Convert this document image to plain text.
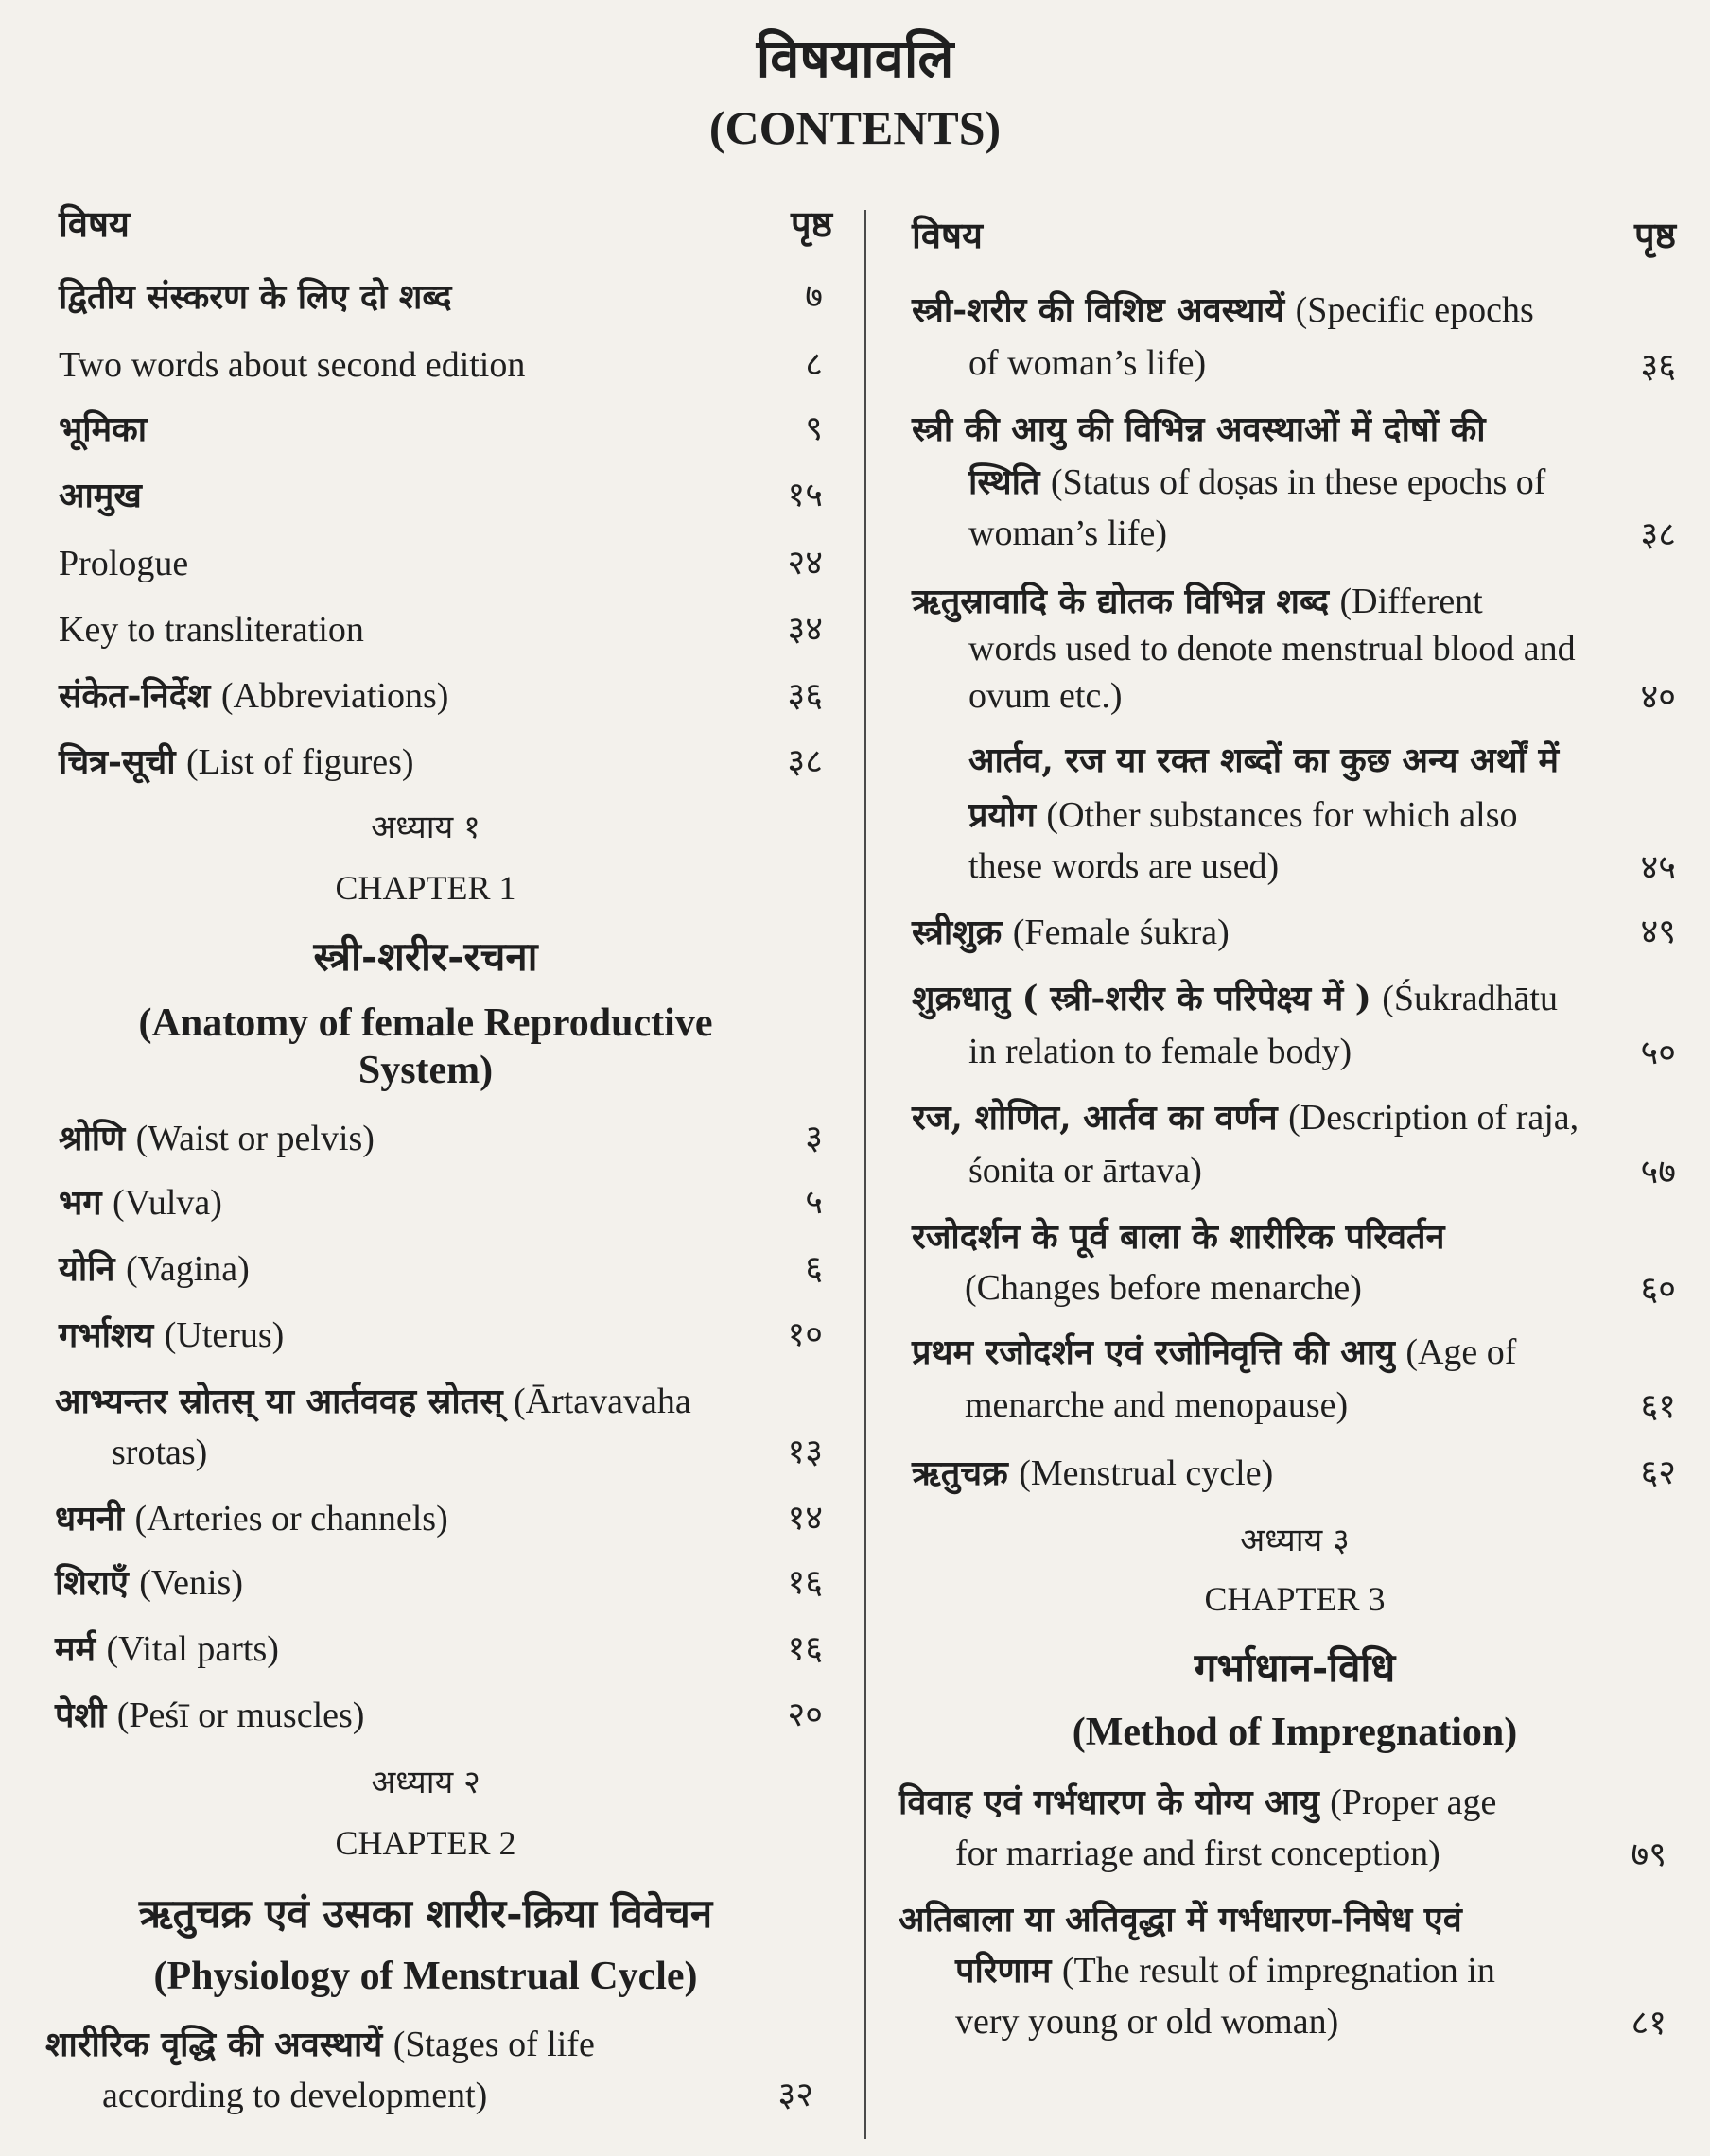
विषयावलि
(CONTENTS)
विषय	पृष्ठ
द्वितीय संस्करण के लिए दो शब्द	७
Two words about second edition	८
भूमिका	९
आमुख	१५
Prologue	२४
Key to transliteration	३४
संकेत-निर्देश (Abbreviations)	३६
चित्र-सूची (List of figures)	३८
अध्याय १
CHAPTER 1
स्त्री-शरीर-रचना
(Anatomy of female Reproductive
System)
श्रोणि (Waist or pelvis)	३
भग (Vulva)	५
योनि (Vagina)	६
गर्भाशय (Uterus)	१०
आभ्यन्तर स्रोतस् या आर्तववह स्रोतस् (Ārtavavaha
srotas)	१३
धमनी (Arteries or channels)	१४
शिराएँ (Venis)	१६
मर्म (Vital parts)	१६
पेशी (Peśī or muscles)	२०
अध्याय २
CHAPTER 2
ऋतुचक्र एवं उसका शारीर-क्रिया विवेचन
(Physiology of Menstrual Cycle)
शारीरिक वृद्धि की अवस्थायें (Stages of life
according to development)	३२
विषय	पृष्ठ
स्त्री-शरीर की विशिष्ट अवस्थायें (Specific epochs
of woman’s life)	३६
स्त्री की आयु की विभिन्न अवस्थाओं में दोषों की
स्थिति (Status of doṣas in these epochs of
woman’s life)	३८
ऋतुस्रावादि के द्योतक विभिन्न शब्द (Different
words used to denote menstrual blood and
ovum etc.)	४०
आर्तव, रज या रक्त शब्दों का कुछ अन्य अर्थों में
प्रयोग (Other substances for which also
these words are used)	४५
स्त्रीशुक्र (Female śukra)	४९
शुक्रधातु ( स्त्री-शरीर के परिपेक्ष्य में ) (Śukradhātu
in relation to female body)	५०
रज, शोणित, आर्तव का वर्णन (Description of raja,
śonita or ārtava)	५७
रजोदर्शन के पूर्व बाला के शारीरिक परिवर्तन
(Changes before menarche)	६०
प्रथम रजोदर्शन एवं रजोनिवृत्ति की आयु (Age of
menarche and menopause)	६१
ऋतुचक्र (Menstrual cycle)	६२
अध्याय ३
CHAPTER 3
गर्भाधान-विधि
(Method of Impregnation)
विवाह एवं गर्भधारण के योग्य आयु (Proper age
for marriage and first conception)	७९
अतिबाला या अतिवृद्धा में गर्भधारण-निषेध एवं
परिणाम (The result of impregnation in
very young or old woman)	८१
